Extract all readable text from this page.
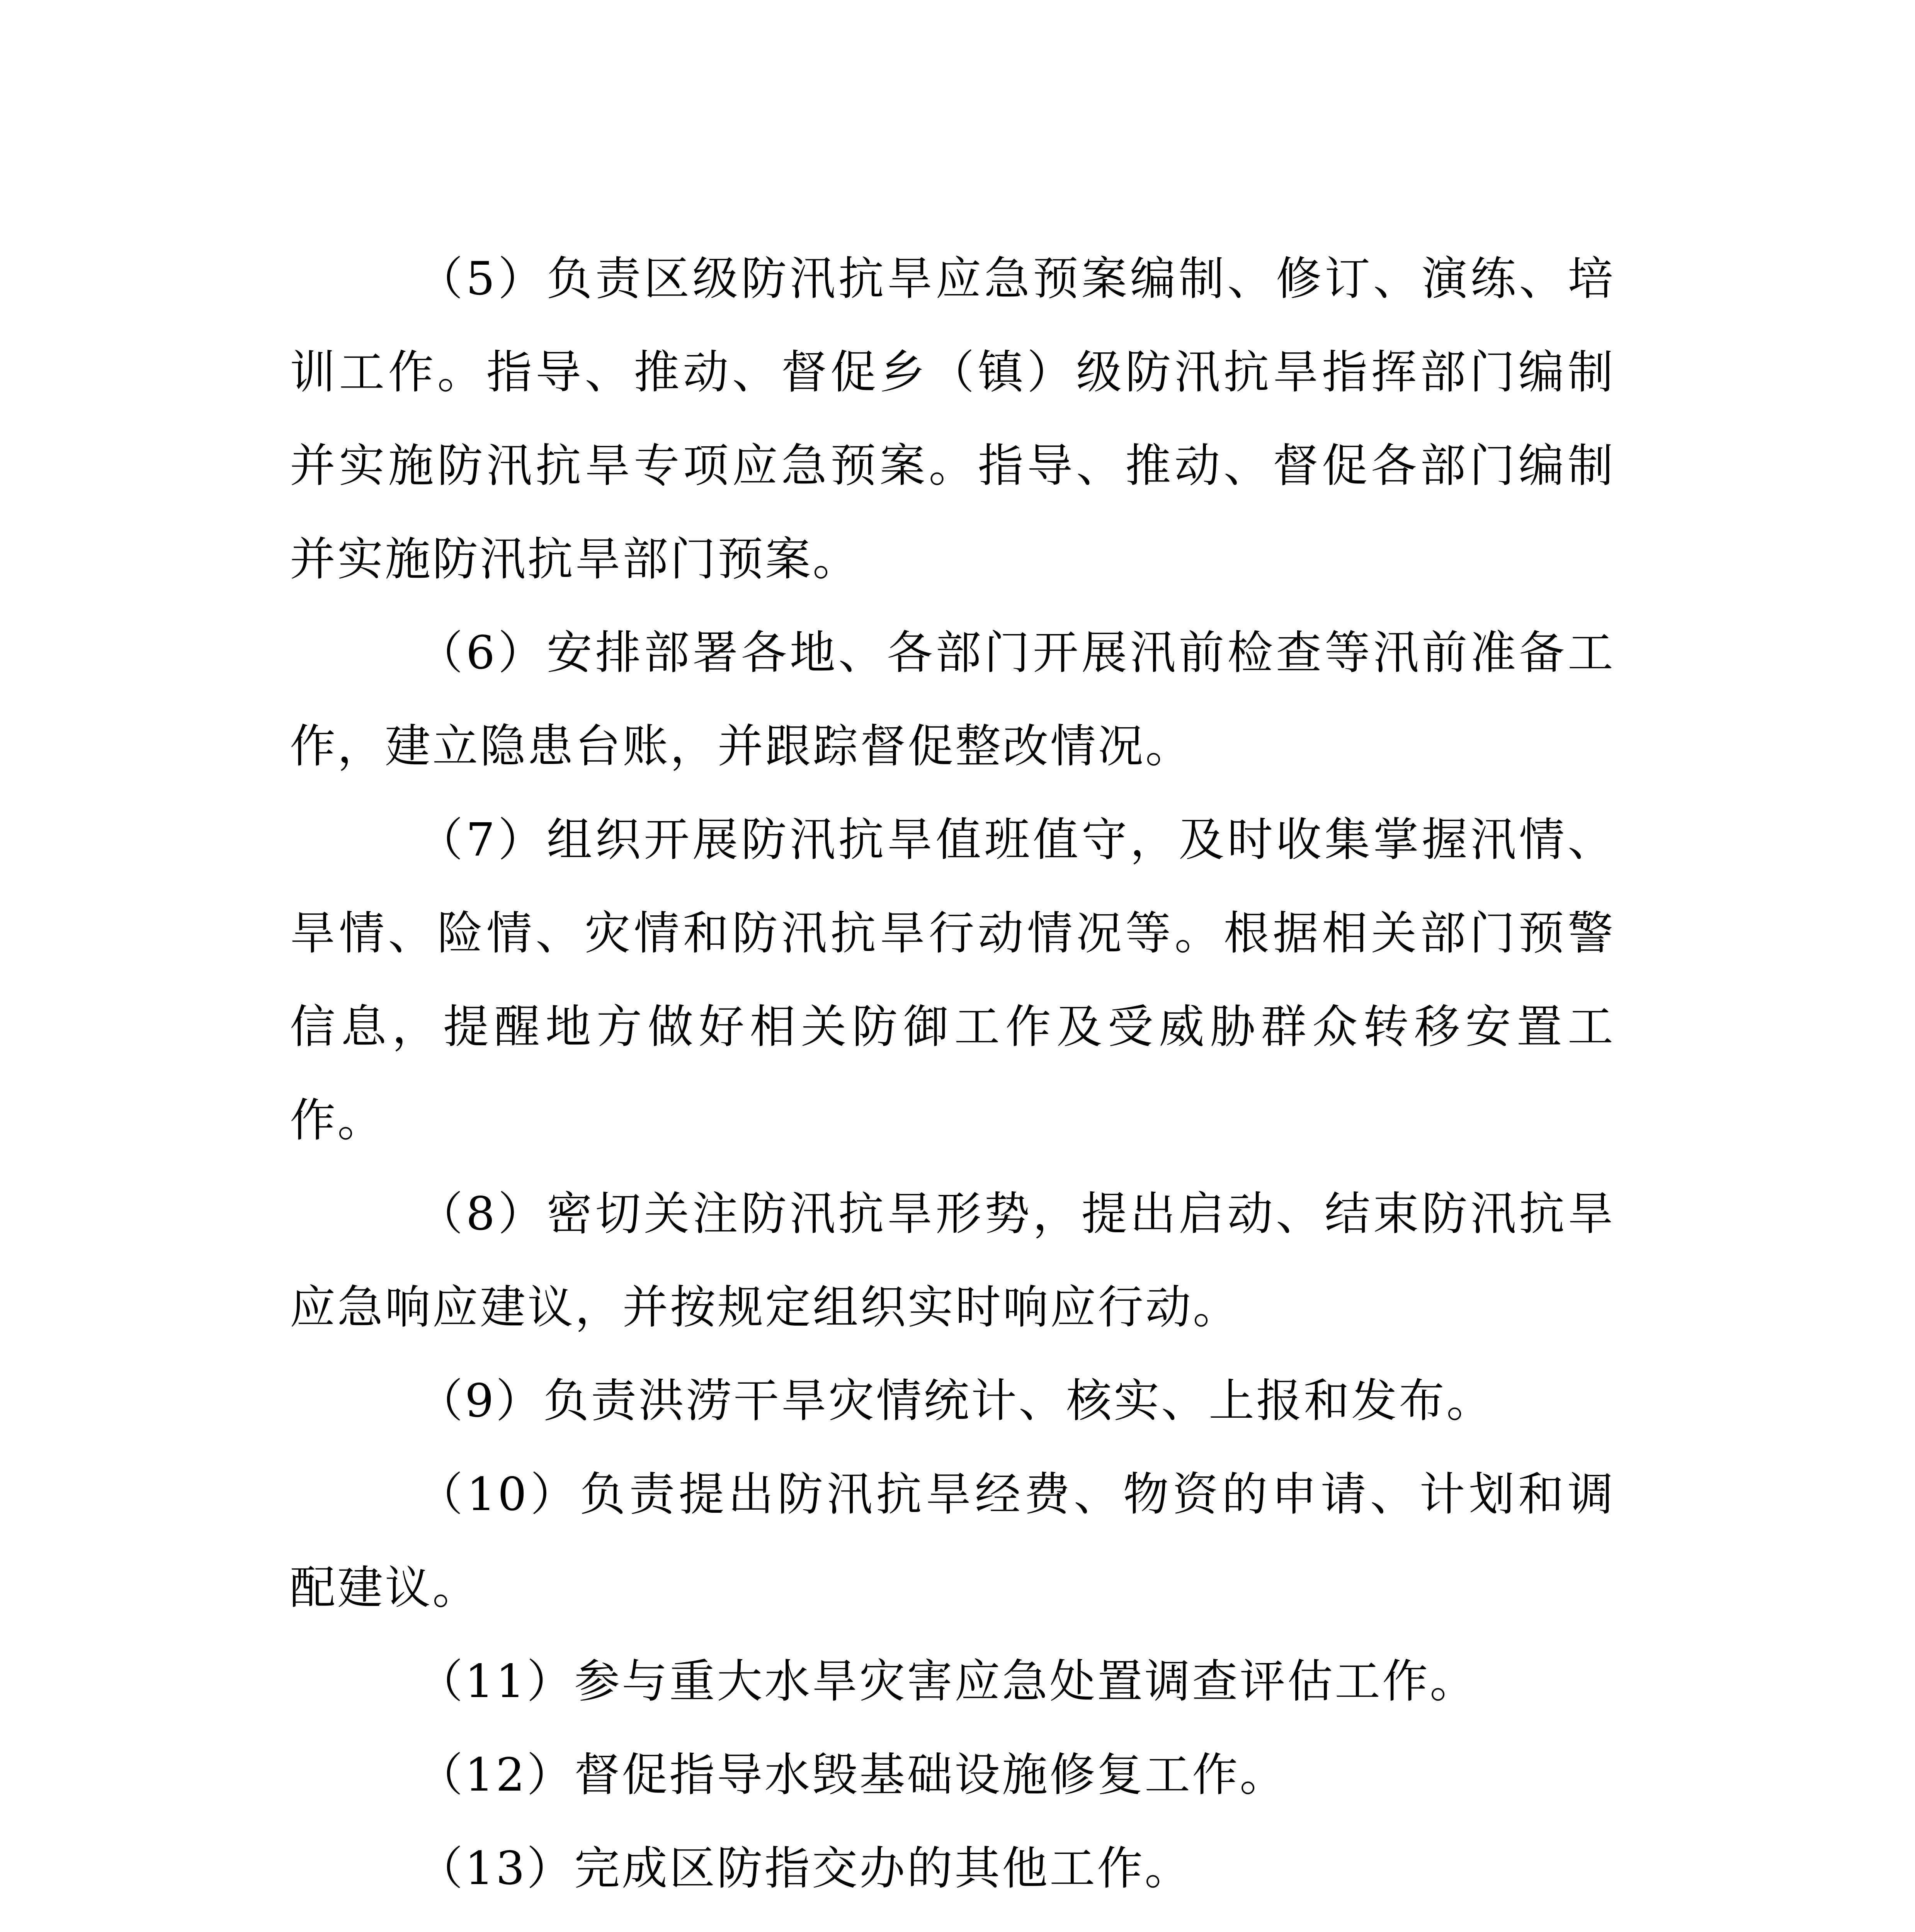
（5）负责区级防汛抗旱应急预案编制、修订、演练、培训工作。指导、推动、督促乡（镇）级防汛抗旱指挥部门编制并实施防汛抗旱专项应急预案。指导、推动、督促各部门编制并实施防汛抗旱部门预案。

（6）安排部署各地、各部门开展汛前检查等汛前准备工作，建立隐患台账，并跟踪督促整改情况。

（7）组织开展防汛抗旱值班值守，及时收集掌握汛情、旱情、险情、灾情和防汛抗旱行动情况等。根据相关部门预警信息，提醒地方做好相关防御工作及受威胁群众转移安置工作。

（8）密切关注防汛抗旱形势，提出启动、结束防汛抗旱应急响应建议，并按规定组织实时响应行动。

（9）负责洪涝干旱灾情统计、核实、上报和发布。

（10）负责提出防汛抗旱经费、物资的申请、计划和调配建议。

（11）参与重大水旱灾害应急处置调查评估工作。

（12）督促指导水毁基础设施修复工作。

（13）完成区防指交办的其他工作。
